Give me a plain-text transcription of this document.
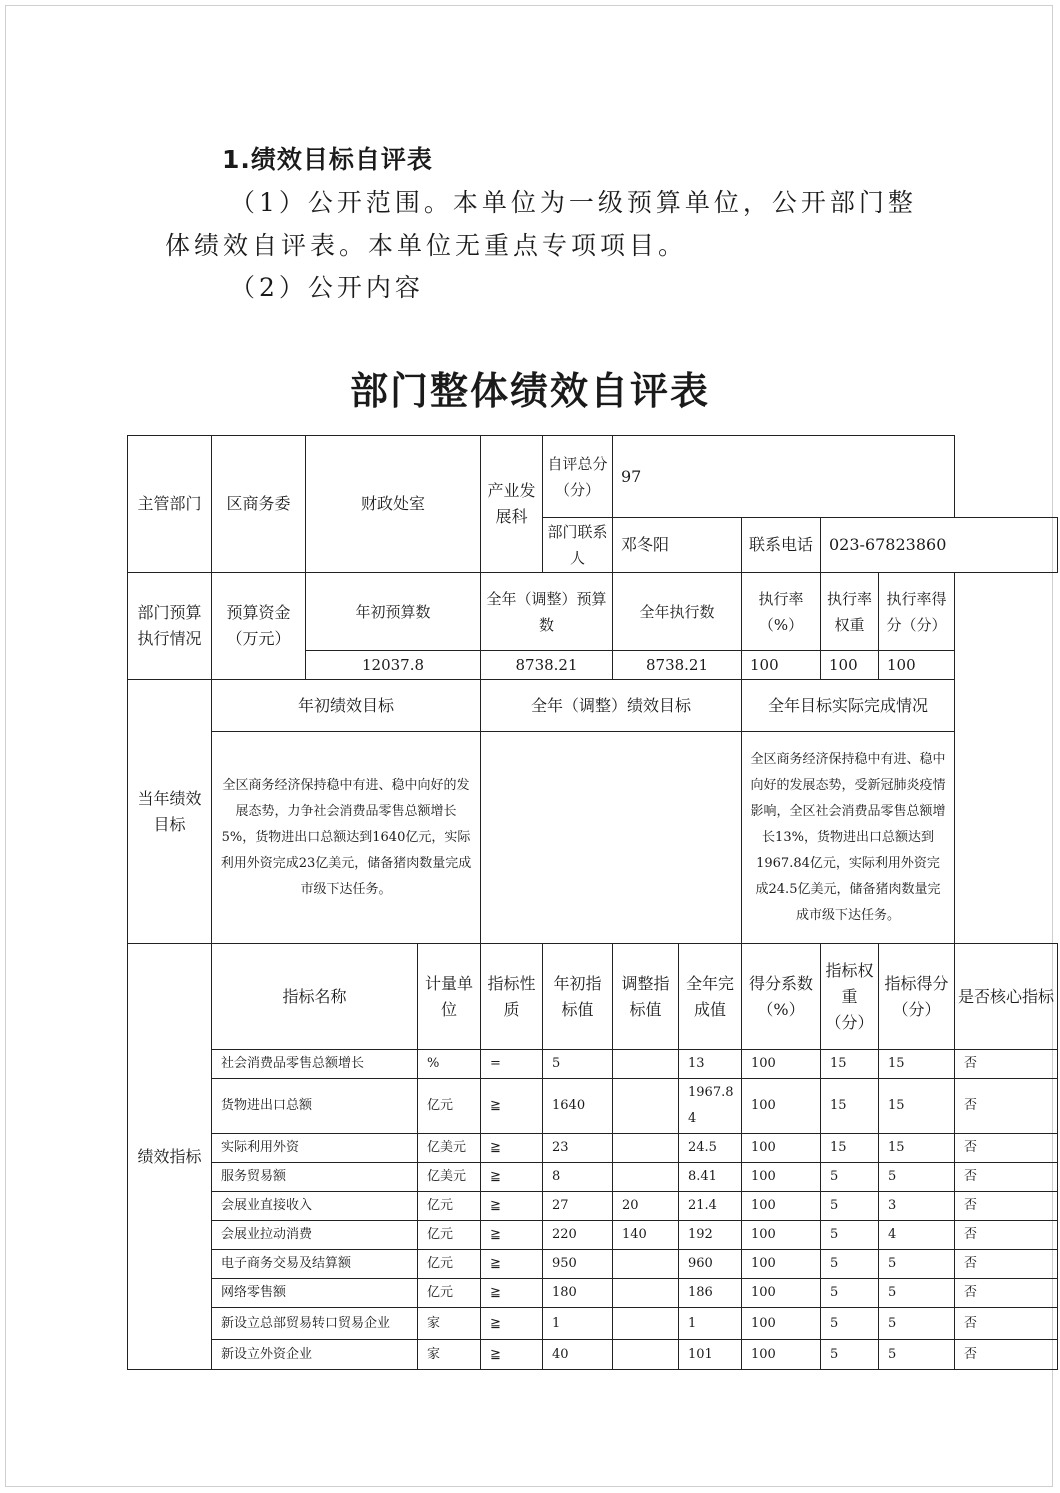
1.绩效目标自评表
（1）公开范围。本单位为一级预算单位，公开部门整
体绩效自评表。本单位无重点专项项目。
（2）公开内容
部门整体绩效自评表
主管部门	区商务委	财政处室		产业发展科	自评总分（分）	97					
					部门联系人	邓冬阳		联系电话	023-67823860		
部门预算执行情况	预算资金（万元）	年初预算数		全年（调整）预算数		全年执行数		执行率（%）	执行率权重	执行率得分（分）	
		12037.8		8738.21		8738.21		100	100	100	
当年绩效目标	年初绩效目标			全年（调整）绩效目标				全年目标实际完成情况			
	全区商务经济保持稳中有进、稳中向好的发展态势，力争社会消费品零售总额增长5%，货物进出口总额达到1640亿元，实际利用外资完成23亿美元，储备猪肉数量完成市级下达任务。							全区商务经济保持稳中有进、稳中向好的发展态势，受新冠肺炎疫情影响，全区社会消费品零售总额增长13%，货物进出口总额达到1967.84亿元，实际利用外资完成24.5亿美元，储备猪肉数量完成市级下达任务。			
绩效指标	指标名称		计量单位	指标性质	年初指标值	调整指标值	全年完成值	得分系数（%）	指标权重（分）	指标得分（分）	是否核心指标
	社会消费品零售总额增长		%	=	5		13	100	15	15	否
	货物进出口总额		亿元	≧	1640		1967.84	100	15	15	否
	实际利用外资		亿美元	≧	23		24.5	100	15	15	否
	服务贸易额		亿美元	≧	8		8.41	100	5	5	否
	会展业直接收入		亿元	≧	27	20	21.4	100	5	3	否
	会展业拉动消费		亿元	≧	220	140	192	100	5	4	否
	电子商务交易及结算额		亿元	≧	950		960	100	5	5	否
	网络零售额		亿元	≧	180		186	100	5	5	否
	新设立总部贸易转口贸易企业		家	≧	1		1	100	5	5	否
	新设立外资企业		家	≧	40		101	100	5	5	否
